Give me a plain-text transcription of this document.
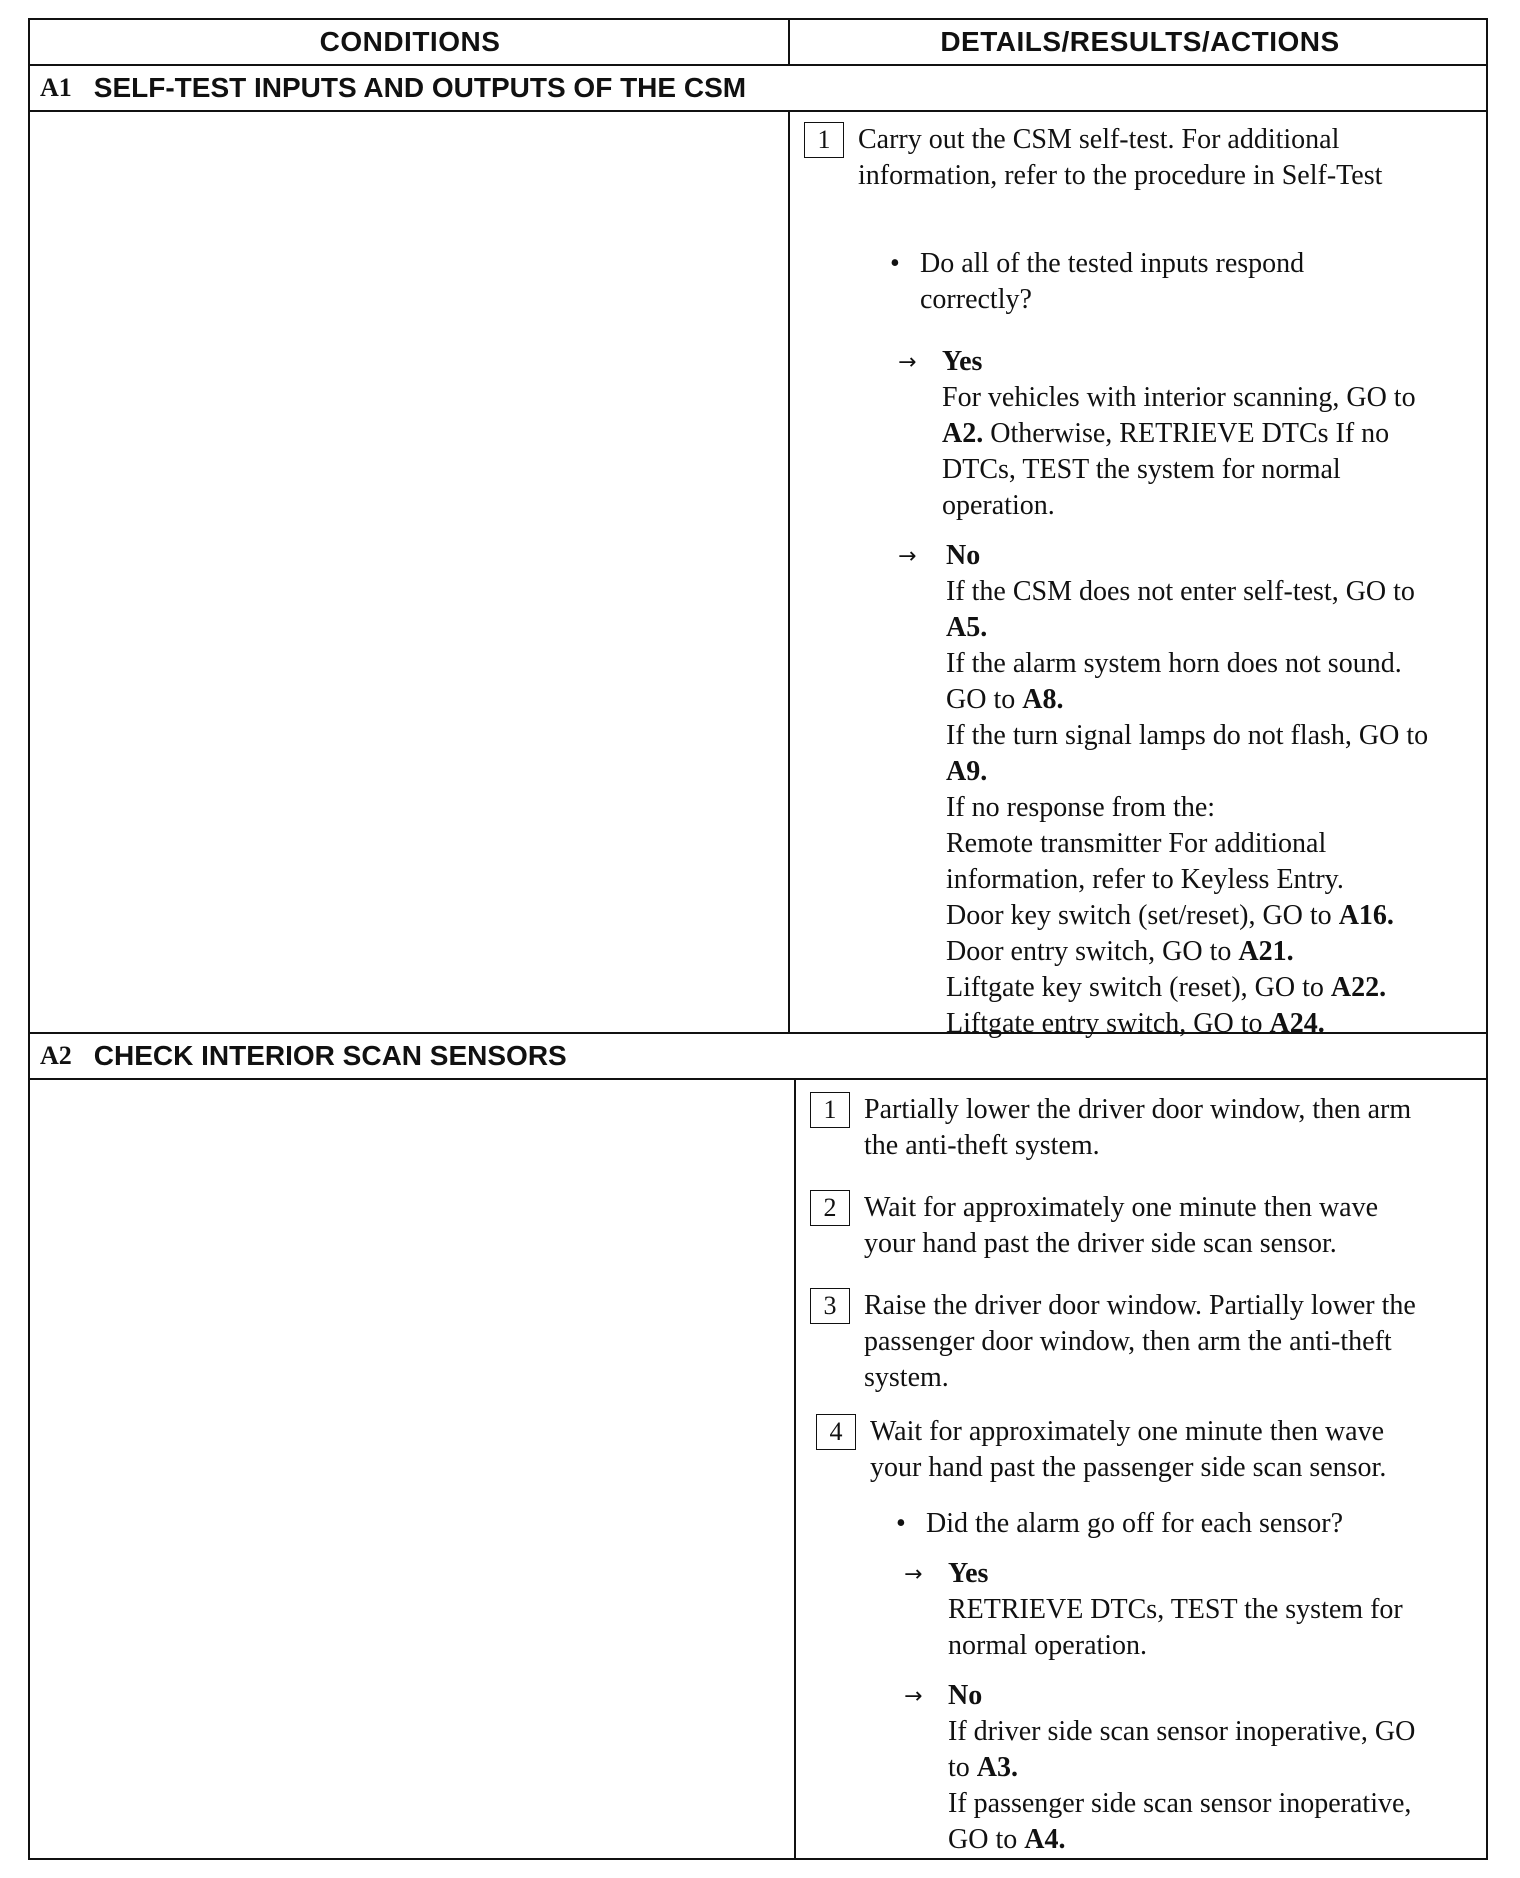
CONDITIONS	DETAILS/RESULTS/ACTIONS
A1 SELF-TEST INPUTS AND OUTPUTS OF THE CSM
1 Carry out the CSM self-test. For additional
information, refer to the procedure in Self-Test
• Do all of the tested inputs respond
correctly?
→ Yes
For vehicles with interior scanning, GO to
A2. Otherwise, RETRIEVE DTCs If no
DTCs, TEST the system for normal
operation.
→ No
If the CSM does not enter self-test, GO to
A5.
If the alarm system horn does not sound.
GO to A8.
If the turn signal lamps do not flash, GO to
A9.
If no response from the:
Remote transmitter For additional
information, refer to Keyless Entry.
Door key switch (set/reset), GO to A16.
Door entry switch, GO to A21.
Liftgate key switch (reset), GO to A22.
Liftgate entry switch, GO to A24.
A2 CHECK INTERIOR SCAN SENSORS
1 Partially lower the driver door window, then arm
the anti-theft system.
2 Wait for approximately one minute then wave
your hand past the driver side scan sensor.
3 Raise the driver door window. Partially lower the
passenger door window, then arm the anti-theft
system.
4 Wait for approximately one minute then wave
your hand past the passenger side scan sensor.
• Did the alarm go off for each sensor?
→ Yes
RETRIEVE DTCs, TEST the system for
normal operation.
→ No
If driver side scan sensor inoperative, GO
to A3.
If passenger side scan sensor inoperative,
GO to A4.
